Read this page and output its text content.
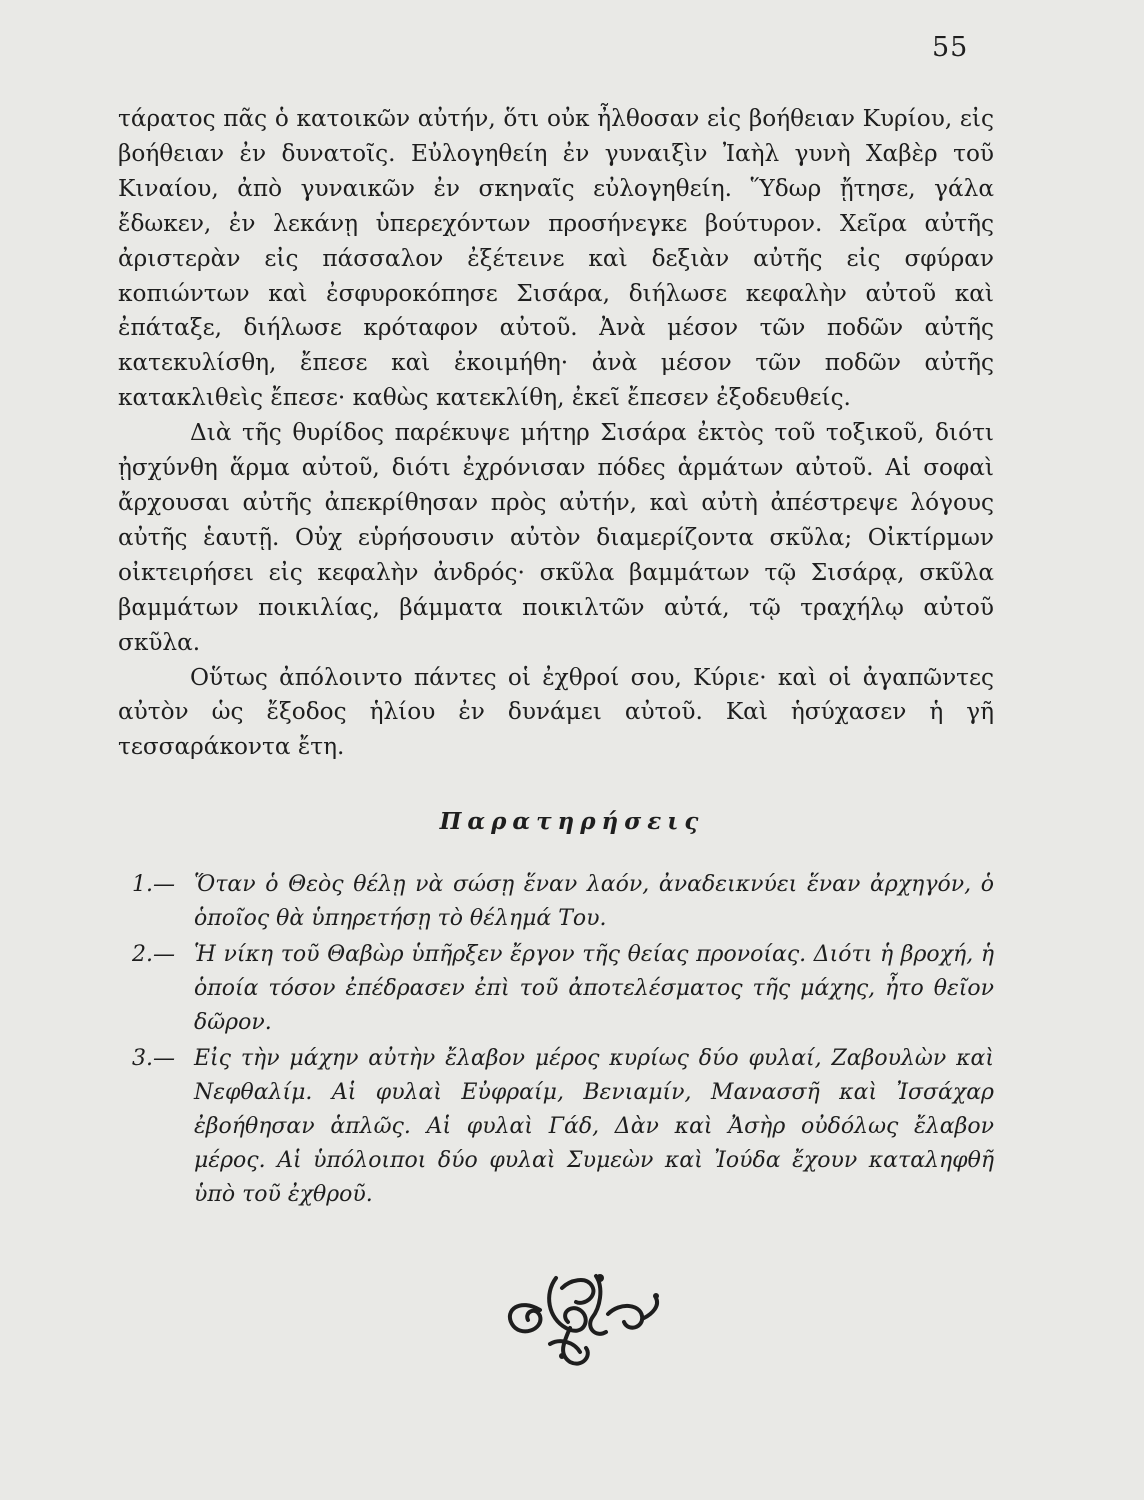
55

τάρατος πᾶς ὁ κατοικῶν αὐτήν, ὅτι οὐκ ἦλθοσαν εἰς βοήθειαν Κυρίου, εἰς βοήθειαν ἐν δυνατοῖς. Εὐλογηθείη ἐν γυναιξὶν Ἰαὴλ γυνὴ Χαβὲρ τοῦ Κιναίου, ἀπὸ γυναικῶν ἐν σκηναῖς εὐλογηθείη. Ὕδωρ ᾔτησε, γάλα ἔδωκεν, ἐν λεκάνῃ ὑπερεχόντων προσήνεγκε βούτυρον. Χεῖρα αὐτῆς ἀριστερὰν εἰς πάσσαλον ἐξέτεινε καὶ δεξιὰν αὐτῆς εἰς σφύραν κοπιώντων καὶ ἐσφυροκόπησε Σισάρα, διήλωσε κεφαλὴν αὐτοῦ καὶ ἐπάταξε, διήλωσε κρόταφον αὐτοῦ. Ἀνὰ μέσον τῶν ποδῶν αὐτῆς κατεκυλίσθη, ἔπεσε καὶ ἐκοιμήθη· ἀνὰ μέσον τῶν ποδῶν αὐτῆς κατακλιθεὶς ἔπεσε· καθὼς κατεκλίθη, ἐκεῖ ἔπεσεν ἐξοδευθείς.

Διὰ τῆς θυρίδος παρέκυψε μήτηρ Σισάρα ἐκτὸς τοῦ τοξικοῦ, διότι ᾐσχύνθη ἅρμα αὐτοῦ, διότι ἐχρόνισαν πόδες ἁρμάτων αὐτοῦ. Αἱ σοφαὶ ἄρχουσαι αὐτῆς ἀπεκρίθησαν πρὸς αὐτήν, καὶ αὐτὴ ἀπέστρεψε λόγους αὐτῆς ἑαυτῇ. Οὐχ εὑρήσουσιν αὐτὸν διαμερίζοντα σκῦλα; Οἰκτίρμων οἰκτειρήσει εἰς κεφαλὴν ἀνδρός· σκῦλα βαμμάτων τῷ Σισάρᾳ, σκῦλα βαμμάτων ποικιλίας, βάμματα ποικιλτῶν αὐτά, τῷ τραχήλῳ αὐτοῦ σκῦλα.

Οὕτως ἀπόλοιντο πάντες οἱ ἐχθροί σου, Κύριε· καὶ οἱ ἀγαπῶντες αὐτὸν ὡς ἔξοδος ἡλίου ἐν δυνάμει αὐτοῦ. Καὶ ἡσύχασεν ἡ γῆ τεσσαράκοντα ἔτη.

Παρατηρήσεις
1.— Ὅταν ὁ Θεὸς θέλῃ νὰ σώσῃ ἕναν λαόν, ἀναδεικνύει ἕναν ἀρχηγόν, ὁ ὁποῖος θὰ ὑπηρετήσῃ τὸ θέλημά Του.
2.— Ἡ νίκη τοῦ Θαβὼρ ὑπῆρξεν ἔργον τῆς θείας προνοίας. Διότι ἡ βροχή, ἡ ὁποία τόσον ἐπέδρασεν ἐπὶ τοῦ ἀποτελέσματος τῆς μάχης, ἦτο θεῖον δῶρον.
3.— Εἰς τὴν μάχην αὐτὴν ἔλαβον μέρος κυρίως δύο φυλαί, Ζαβουλὼν καὶ Νεφθαλίμ. Αἱ φυλαὶ Εὐφραίμ, Βενιαμίν, Μανασσῆ καὶ Ἰσσάχαρ ἐβοήθησαν ἁπλῶς. Αἱ φυλαὶ Γάδ, Δὰν καὶ Ἀσὴρ οὐδόλως ἔλαβον μέρος. Αἱ ὑπόλοιποι δύο φυλαὶ Συμεὼν καὶ Ἰούδα ἔχουν καταληφθῆ ὑπὸ τοῦ ἐχθροῦ.
